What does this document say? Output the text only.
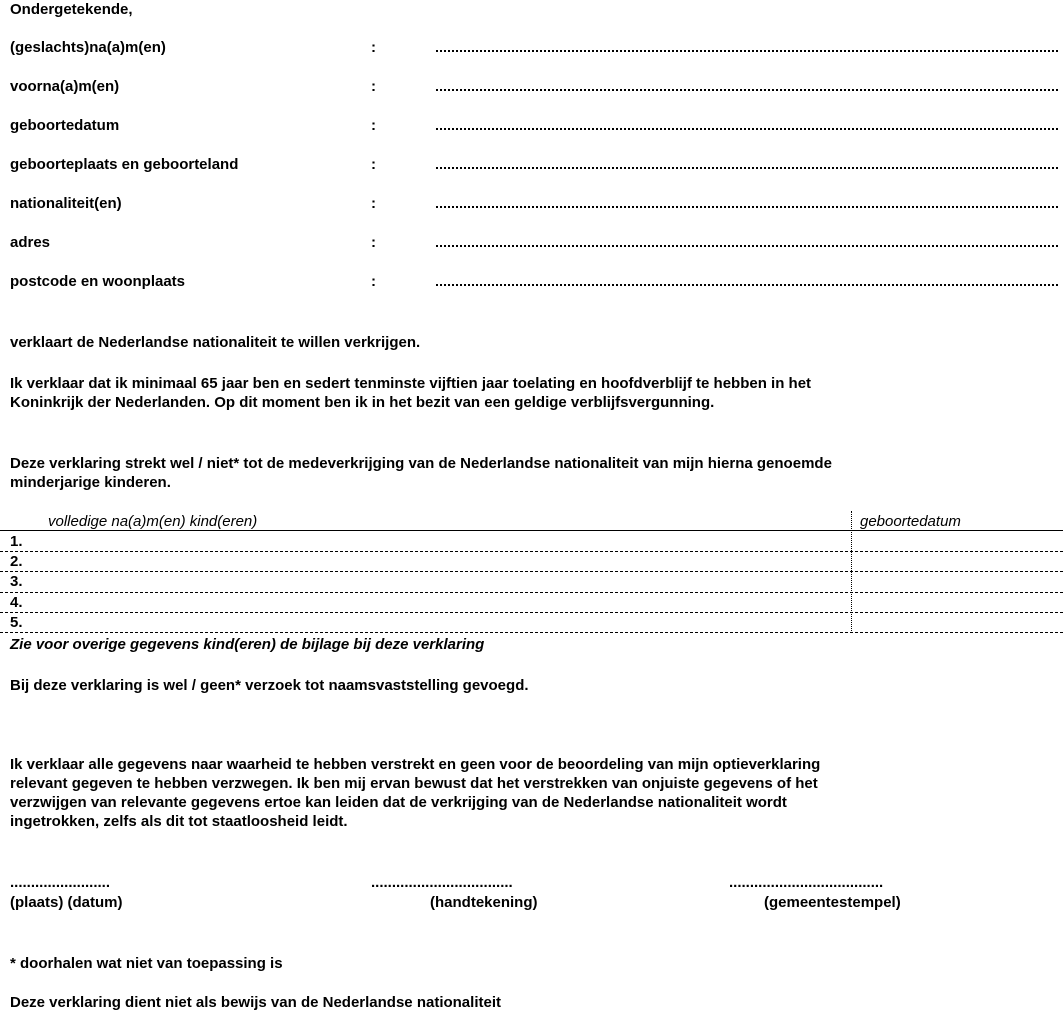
Ondergetekende,
(geslachts)na(a)m(en)	:
voorna(a)m(en)	:
geboortedatum	:
geboorteplaats en geboorteland	:
nationaliteit(en)	:
adres	:
postcode en woonplaats	:
verklaart de Nederlandse nationaliteit te willen verkrijgen.
Ik verklaar dat ik minimaal 65 jaar ben en sedert tenminste vijftien jaar toelating en hoofdverblijf te hebben in het
Koninkrijk der Nederlanden. Op dit moment ben ik in het bezit van een geldige verblijfsvergunning.
Deze verklaring strekt wel / niet* tot de medeverkrijging van de Nederlandse nationaliteit van mijn hierna genoemde
minderjarige kinderen.
volledige na(a)m(en) kind(eren)	geboortedatum
1.
2.
3.
4.
5.
Zie voor overige gegevens kind(eren) de bijlage bij deze verklaring
Bij deze verklaring is wel / geen* verzoek tot naamsvaststelling gevoegd.
Ik verklaar alle gegevens naar waarheid te hebben verstrekt en geen voor de beoordeling van mijn optieverklaring
relevant gegeven te hebben verzwegen. Ik ben mij ervan bewust dat het verstrekken van onjuiste gegevens of het
verzwijgen van relevante gegevens ertoe kan leiden dat de verkrijging van de Nederlandse nationaliteit wordt
ingetrokken, zelfs als dit tot staatloosheid leidt.
........................	..................................	.....................................
(plaats) (datum)	(handtekening)	(gemeentestempel)
* doorhalen wat niet van toepassing is
Deze verklaring dient niet als bewijs van de Nederlandse nationaliteit
